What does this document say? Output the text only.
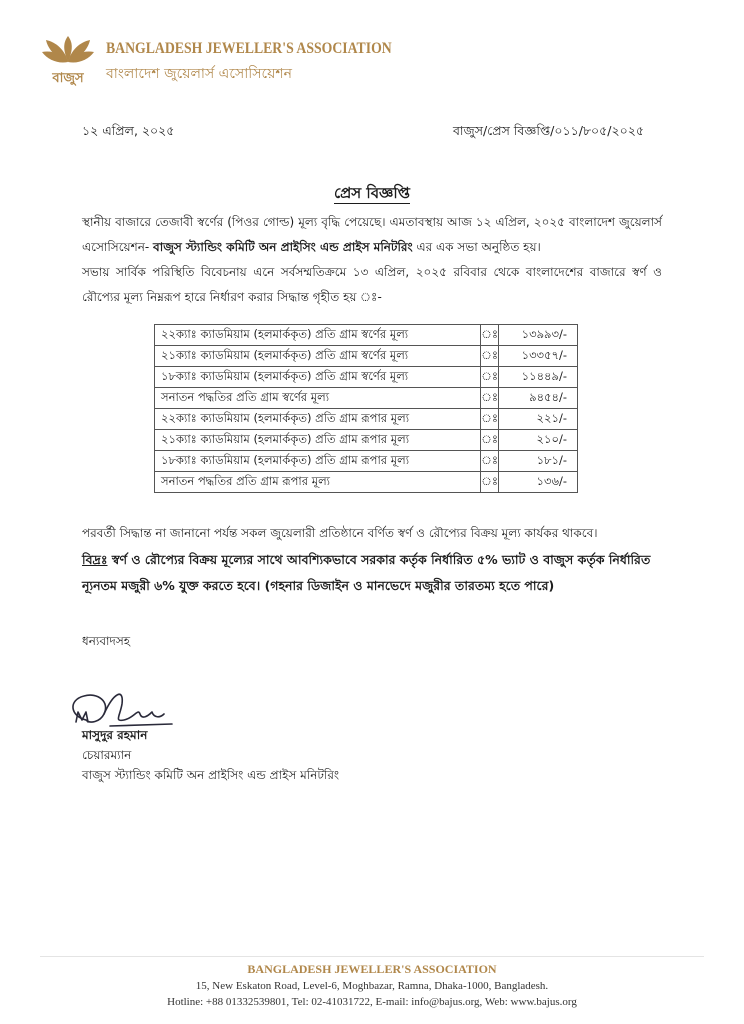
বাজুস
BANGLADESH JEWELLER'S ASSOCIATION
বাংলাদেশ জুয়েলার্স এসোসিয়েশন
১২ এপ্রিল, ২০২৫	বাজুস/প্রেস বিজ্ঞপ্তি/০১১/৮০৫/২০২৫
প্রেস বিজ্ঞপ্তি
স্থানীয় বাজারে তেজাবী স্বর্ণের (পিওর গোল্ড) মূল্য বৃদ্ধি পেয়েছে। এমতাবস্থায় আজ ১২ এপ্রিল, ২০২৫ বাংলাদেশ জুয়েলার্স এসোসিয়েশন- বাজুস স্ট্যান্ডিং কমিটি অন প্রাইসিং এন্ড প্রাইস মনিটরিং এর এক সভা অনুষ্ঠিত হয়।
সভায় সার্বিক পরিস্থিতি বিবেচনায় এনে সর্বসম্মতিক্রমে ১৩ এপ্রিল, ২০২৫ রবিবার থেকে বাংলাদেশের বাজারে স্বর্ণ ও রৌপ্যের মূল্য নিম্নরূপ হারে নির্ধারণ করার সিদ্ধান্ত গৃহীত হয় ঃ-
২২ক্যাঃ ক্যাডমিয়াম (হলমার্ককৃত) প্রতি গ্রাম স্বর্ণের মূল্য	ঃ	১৩৯৯৩/-
২১ক্যাঃ ক্যাডমিয়াম (হলমার্ককৃত) প্রতি গ্রাম স্বর্ণের মূল্য	ঃ	১৩৩৫৭/-
১৮ক্যাঃ ক্যাডমিয়াম (হলমার্ককৃত) প্রতি গ্রাম স্বর্ণের মূল্য	ঃ	১১৪৪৯/-
সনাতন পদ্ধতির প্রতি গ্রাম স্বর্ণের মূল্য	ঃ	৯৪৫৪/-
২২ক্যাঃ ক্যাডমিয়াম (হলমার্ককৃত) প্রতি গ্রাম রূপার মূল্য	ঃ	২২১/-
২১ক্যাঃ ক্যাডমিয়াম (হলমার্ককৃত) প্রতি গ্রাম রূপার মূল্য	ঃ	২১০/-
১৮ক্যাঃ ক্যাডমিয়াম (হলমার্ককৃত) প্রতি গ্রাম রূপার মূল্য	ঃ	১৮১/-
সনাতন পদ্ধতির প্রতি গ্রাম রূপার মূল্য	ঃ	১৩৬/-
পরবর্তী সিদ্ধান্ত না জানানো পর্যন্ত সকল জুয়েলারী প্রতিষ্ঠানে বর্ণিত স্বর্ণ ও রৌপ্যের বিক্রয় মূল্য কার্যকর থাকবে।
বিদ্রঃ স্বর্ণ ও রৌপ্যের বিক্রয় মূল্যের সাথে আবশ্যিকভাবে সরকার কর্তৃক নির্ধারিত ৫% ভ্যাট ও বাজুস কর্তৃক নির্ধারিত ন্যূনতম মজুরী ৬% যুক্ত করতে হবে। (গহনার ডিজাইন ও মানভেদে মজুরীর তারতম্য হতে পারে)
ধন্যবাদসহ
মাসুদুর রহমান
চেয়ারম্যান
বাজুস স্ট্যান্ডিং কমিটি অন প্রাইসিং এন্ড প্রাইস মনিটরিং
BANGLADESH JEWELLER'S ASSOCIATION
15, New Eskaton Road, Level-6, Moghbazar, Ramna, Dhaka-1000, Bangladesh.
Hotline: +88 01332539801, Tel: 02-41031722, E-mail: info@bajus.org, Web: www.bajus.org
